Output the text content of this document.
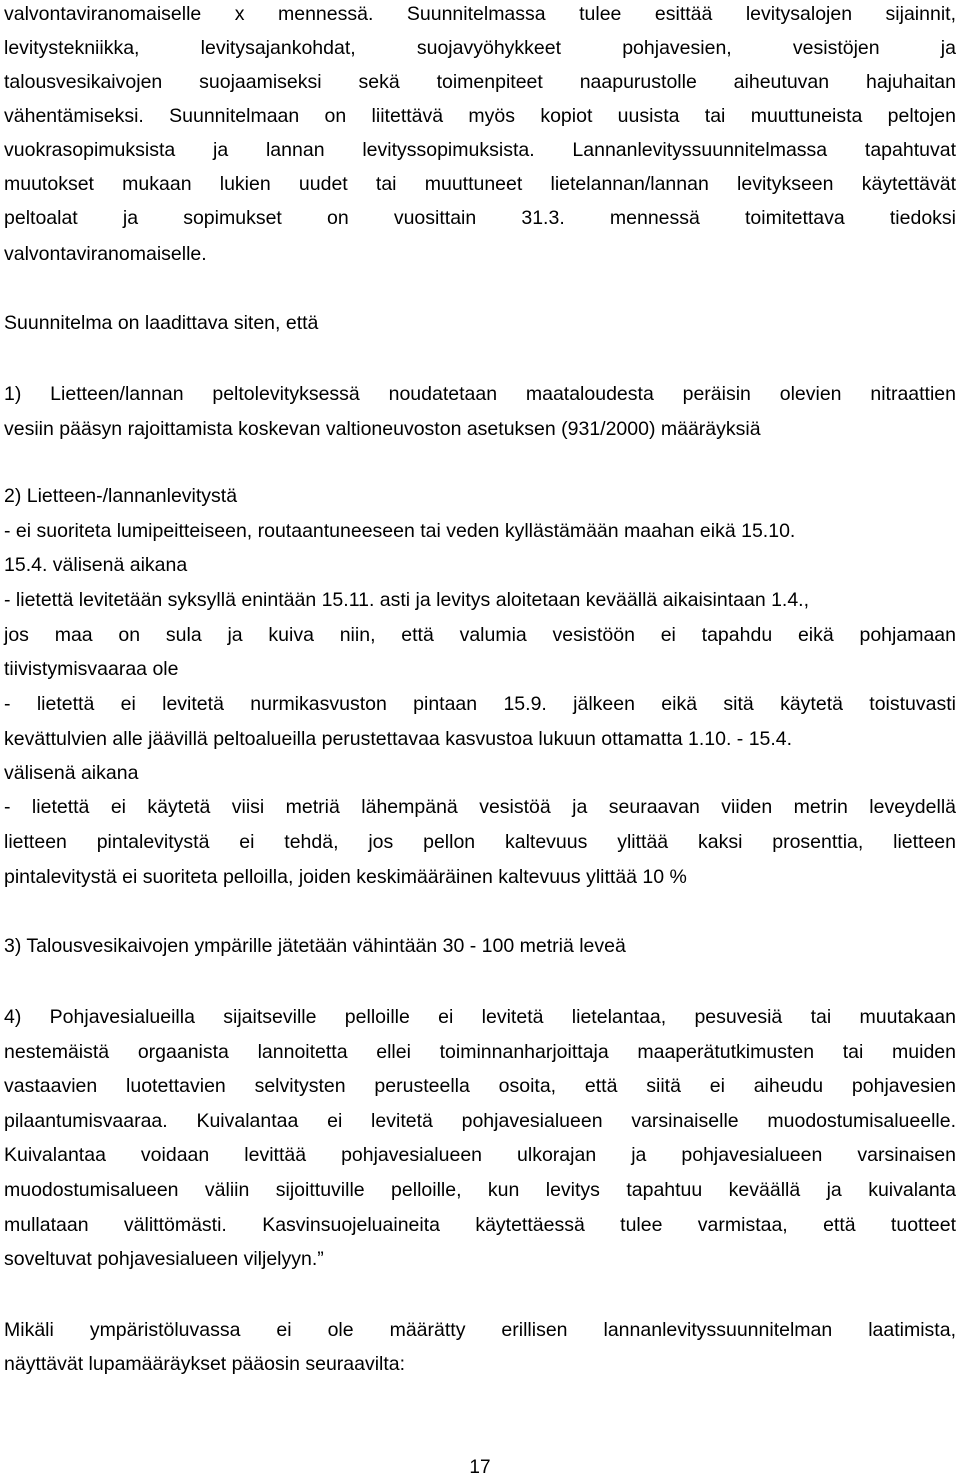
valvontaviranomaiselle x mennessä. Suunnitelmassa tulee esittää levitysalojen sijainnit,
levitystekniikka, levitysajankohdat, suojavyöhykkeet pohjavesien, vesistöjen ja
talousvesikaivojen suojaamiseksi sekä toimenpiteet naapurustolle aiheutuvan hajuhaitan
vähentämiseksi. Suunnitelmaan on liitettävä myös kopiot uusista tai muuttuneista peltojen
vuokrasopimuksista ja lannan levityssopimuksista. Lannanlevityssuunnitelmassa tapahtuvat
muutokset mukaan lukien uudet tai muuttuneet lietelannan/lannan levitykseen käytettävät
peltoalat ja sopimukset on vuosittain 31.3. mennessä toimitettava tiedoksi
valvontaviranomaiselle.
Suunnitelma on laadittava siten, että
1) Lietteen/lannan peltolevityksessä noudatetaan maataloudesta peräisin olevien nitraattien
vesiin pääsyn rajoittamista koskevan valtioneuvoston asetuksen (931/2000) määräyksiä
2) Lietteen-/lannanlevitystä
- ei suoriteta lumipeitteiseen, routaantuneeseen tai veden kyllästämään maahan eikä 15.10.
15.4. välisenä aikana
- lietettä levitetään syksyllä enintään 15.11. asti ja levitys aloitetaan keväällä aikaisintaan 1.4.,
jos maa on sula ja kuiva niin, että valumia vesistöön ei tapahdu eikä pohjamaan
tiivistymisvaaraa ole
- lietettä ei levitetä nurmikasvuston pintaan 15.9. jälkeen eikä sitä käytetä toistuvasti
kevättulvien alle jäävillä peltoalueilla perustettavaa kasvustoa lukuun ottamatta 1.10. - 15.4.
välisenä aikana
- lietettä ei käytetä viisi metriä lähempänä vesistöä ja seuraavan viiden metrin leveydellä
lietteen pintalevitystä ei tehdä, jos pellon kaltevuus ylittää kaksi prosenttia, lietteen
pintalevitystä ei suoriteta pelloilla, joiden keskimääräinen kaltevuus ylittää 10 %
3) Talousvesikaivojen ympärille jätetään vähintään 30 - 100 metriä leveä
4) Pohjavesialueilla sijaitseville pelloille ei levitetä lietelantaa, pesuvesiä tai muutakaan
nestemäistä orgaanista lannoitetta ellei toiminnanharjoittaja maaperätutkimusten tai muiden
vastaavien luotettavien selvitysten perusteella osoita, että siitä ei aiheudu pohjavesien
pilaantumisvaaraa. Kuivalantaa ei levitetä pohjavesialueen varsinaiselle muodostumisalueelle.
Kuivalantaa voidaan levittää pohjavesialueen ulkorajan ja pohjavesialueen varsinaisen
muodostumisalueen väliin sijoittuville pelloille, kun levitys tapahtuu keväällä ja kuivalanta
mullataan välittömästi. Kasvinsuojeluaineita käytettäessä tulee varmistaa, että tuotteet
soveltuvat pohjavesialueen viljelyyn.”
Mikäli ympäristöluvassa ei ole määrätty erillisen lannanlevityssuunnitelman laatimista,
näyttävät lupamääräykset pääosin seuraavilta:
17
